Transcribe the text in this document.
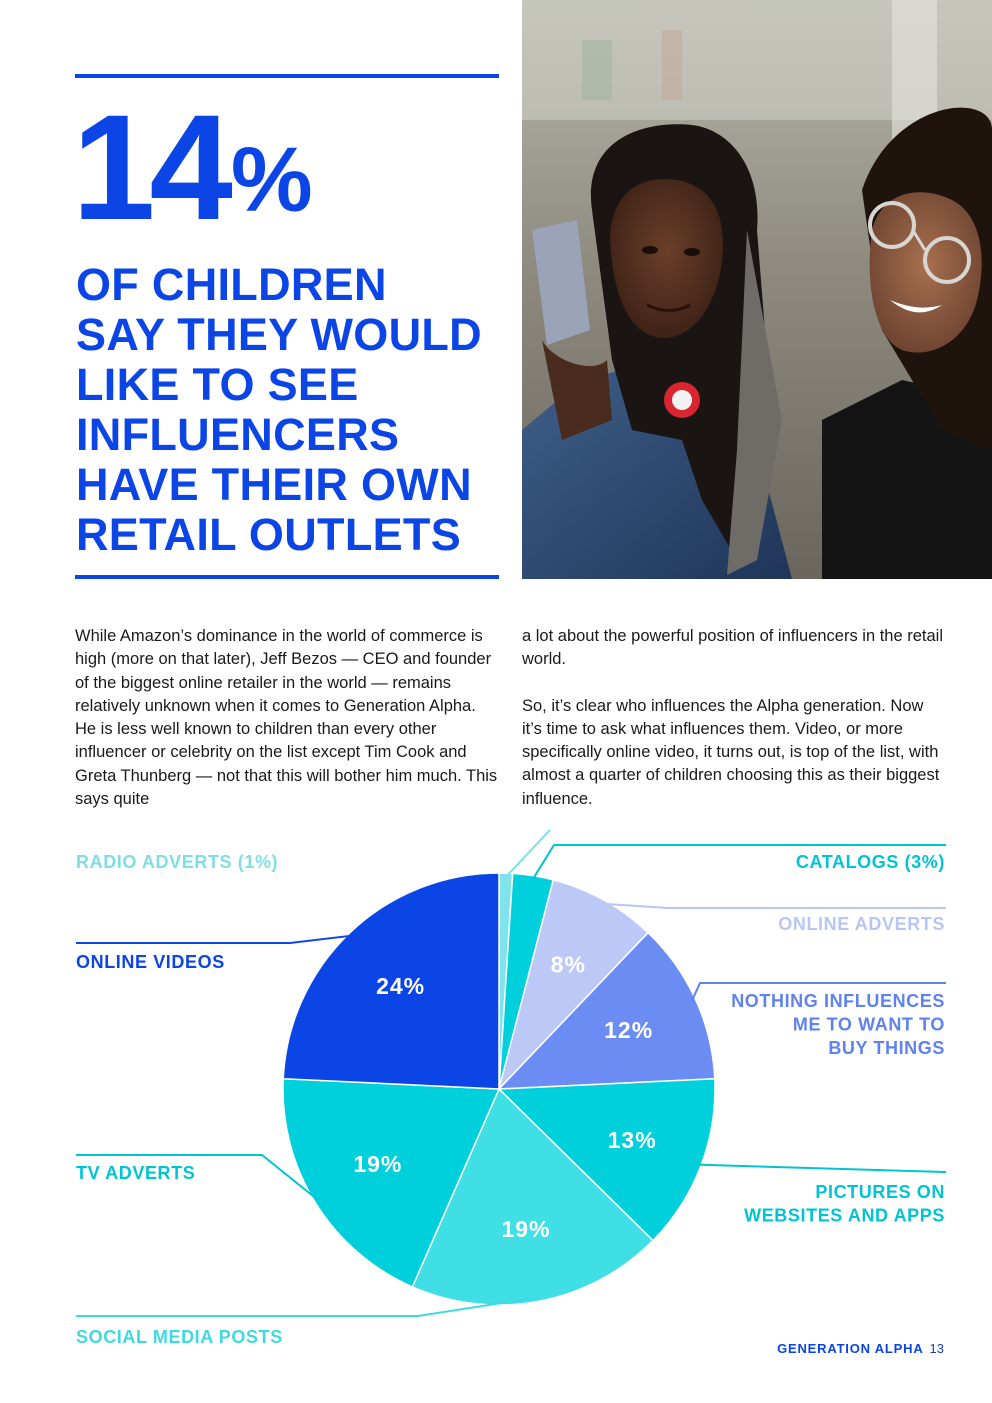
14%
OF CHILDREN
SAY THEY WOULD
LIKE TO SEE
INFLUENCERS
HAVE THEIR OWN
RETAIL OUTLETS

While Amazon’s dominance in the world of commerce is high (more on that later), Jeff Bezos — CEO and founder of the biggest online retailer in the world — remains relatively unknown when it comes to Generation Alpha. He is less well known to children than every other influencer or celebrity on the list except Tim Cook and Greta Thunberg — not that this will bother him much. This says quite

a lot about the powerful position of influencers in the retail world.

So, it’s clear who influences the Alpha generation. Now it’s time to ask what influences them. Video, or more specifically online video, it turns out, is top of the list, with almost a quarter of children choosing this as their biggest influence.

8%
12%
13%
19%
19%
24%
RADIO ADVERTS (1%)	CATALOGS (3%)
ONLINE ADVERTS
NOTHING INFLUENCES
ME TO WANT TO
BUY THINGS
PICTURES ON
WEBSITES AND APPS
SOCIAL MEDIA POSTS
TV ADVERTS
ONLINE VIDEOS
GENERATION ALPHA 13
